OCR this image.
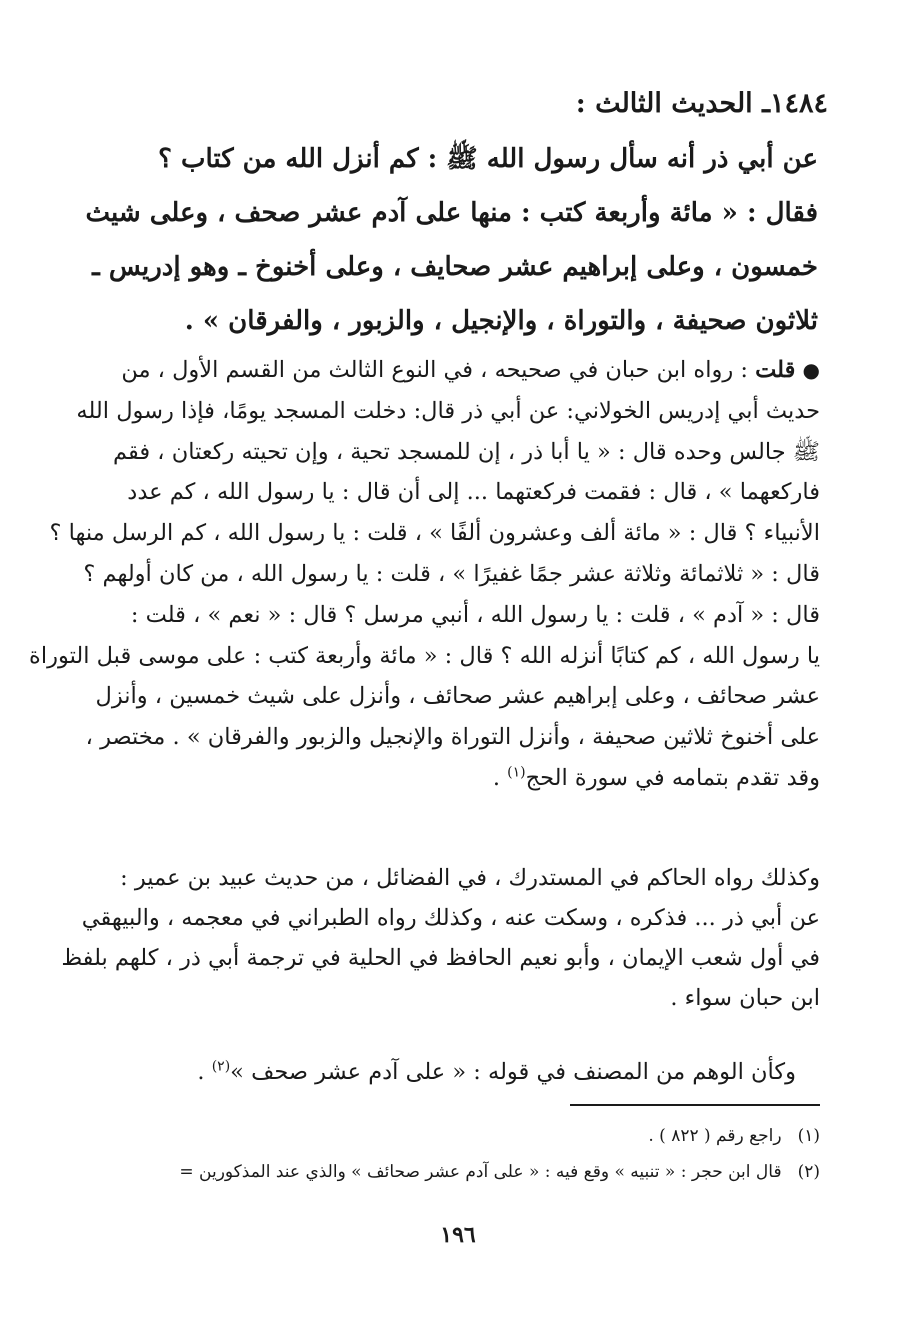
١٤٨٤ـ الحديث الثالث :

عن أبي ذر أنه سأل رسول الله ﷺ : كم أنزل الله من كتاب ؟

فقال : « مائة وأربعة كتب : منها على آدم عشر صحف ، وعلى شيث

خمسون ، وعلى إبراهيم عشر صحايف ، وعلى أخنوخ ـ وهو إدريس ـ

ثلاثون صحيفة ، والتوراة ، والإنجيل ، والزبور ، والفرقان » .

● قلت : رواه ابن حبان في صحيحه ، في النوع الثالث من القسم الأول ، من

حديث أبي إدريس الخولاني: عن أبي ذر قال: دخلت المسجد يومًا، فإذا رسول الله

ﷺ جالس وحده قال : « يا أبا ذر ، إن للمسجد تحية ، وإن تحيته ركعتان ، فقم

فاركعهما » ، قال : فقمت فركعتهما ... إلى أن قال : يا رسول الله ، كم عدد

الأنبياء ؟ قال : « مائة ألف وعشرون ألفًا » ، قلت : يا رسول الله ، كم الرسل منها ؟

قال : « ثلاثمائة وثلاثة عشر جمًا غفيرًا » ، قلت : يا رسول الله ، من كان أولهم ؟

قال : « آدم » ، قلت : يا رسول الله ، أنبي مرسل ؟ قال : « نعم » ، قلت :

يا رسول الله ، كم كتابًا أنزله الله ؟ قال : « مائة وأربعة كتب : على موسى قبل التوراة

عشر صحائف ، وعلى إبراهيم عشر صحائف ، وأنزل على شيث خمسين ، وأنزل

على أخنوخ ثلاثين صحيفة ، وأنزل التوراة والإنجيل والزبور والفرقان » . مختصر ،

وقد تقدم بتمامه في سورة الحج$^{(١)}$ .

وكذلك رواه الحاكم في المستدرك ، في الفضائل ، من حديث عبيد بن عمير :

عن أبي ذر ... فذكره ، وسكت عنه ، وكذلك رواه الطبراني في معجمه ، والبيهقي

في أول شعب الإيمان ، وأبو نعيم الحافظ في الحلية في ترجمة أبي ذر ، كلهم بلفظ

ابن حبان سواء .

وكأن الوهم من المصنف في قوله : « على آدم عشر صحف »$^{(٢)}$ .

(١)راجع رقم ( ٨٢٢ ) .
(٢)قال ابن حجر : « تنبيه » وقع فيه : « على آدم عشر صحائف » والذي عند المذكورين =
١٩٦
